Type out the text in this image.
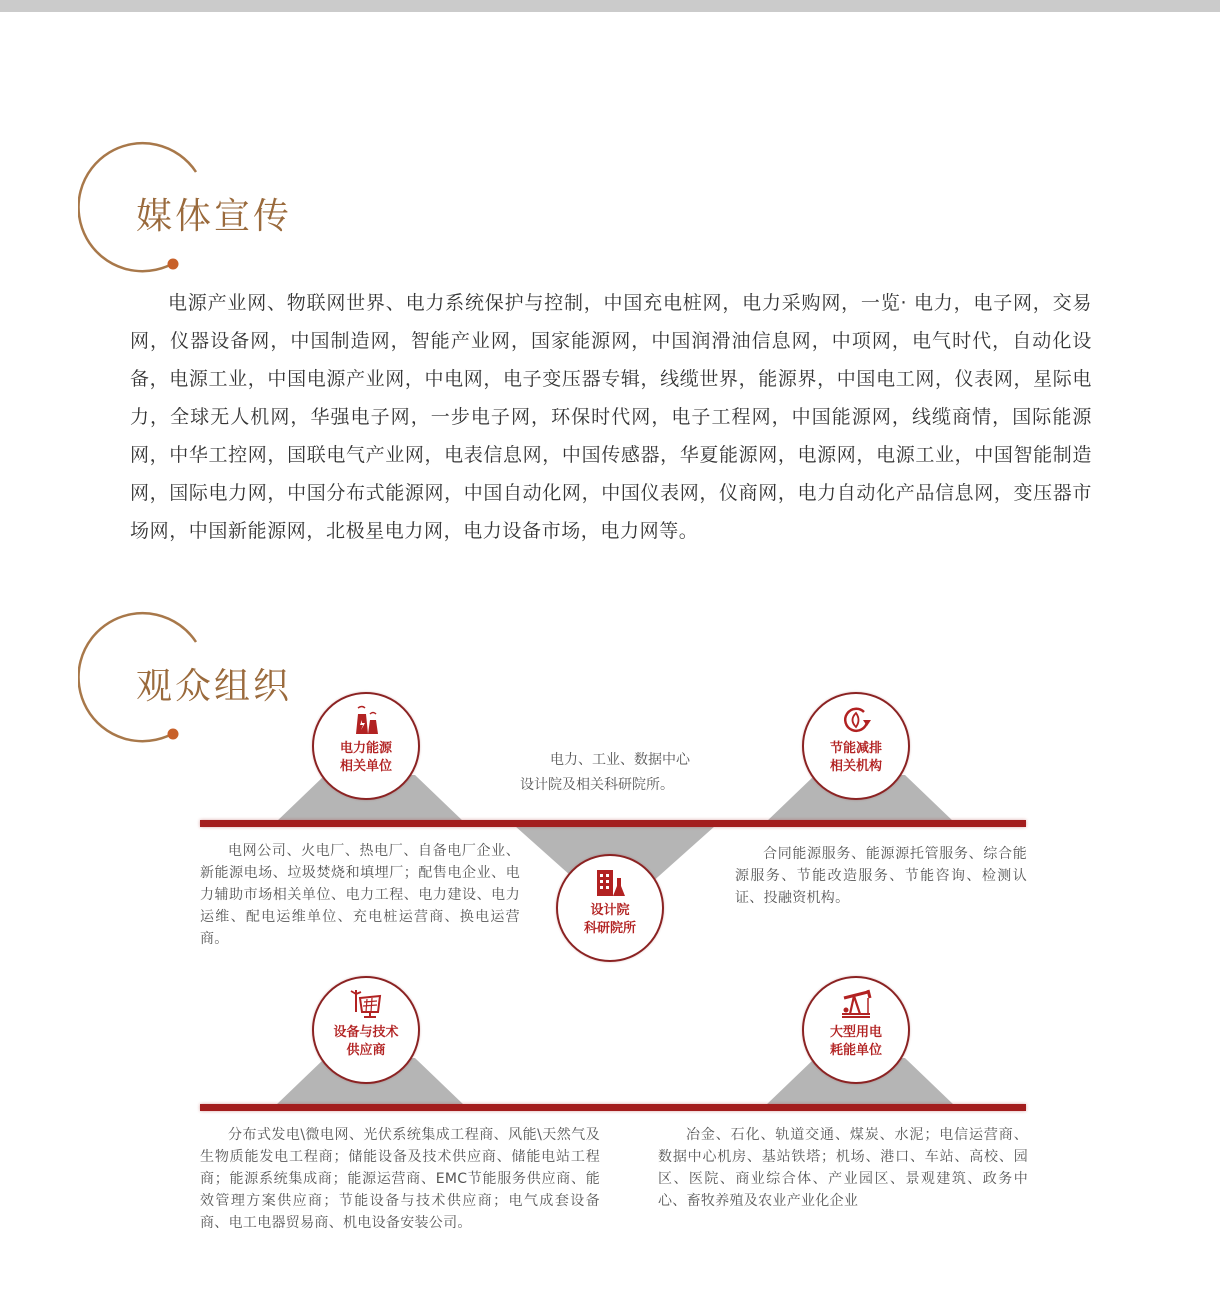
媒体宣传
电源产业网、物联网世界、电力系统保护与控制，中国充电桩网，电力采购网，一览· 电力，电子网，交易网，仪器设备网，中国制造网，智能产业网，国家能源网，中国润滑油信息网，中项网，电气时代，自动化设备，电源工业，中国电源产业网，中电网，电子变压器专辑，线缆世界，能源界，中国电工网，仪表网，星际电力，全球无人机网，华强电子网，一步电子网，环保时代网，电子工程网，中国能源网，线缆商情，国际能源网，中华工控网，国联电气产业网，电表信息网，中国传感器，华夏能源网，电源网，电源工业，中国智能制造网，国际电力网，中国分布式能源网，中国自动化网，中国仪表网，仪商网，电力自动化产品信息网，变压器市场网，中国新能源网，北极星电力网，电力设备市场，电力网等。
观众组织
电力能源
相关单位
节能减排
相关机构
电力、工业、数据中心
设计院及相关科研院所。
设计院
科研院所
电网公司、火电厂、热电厂、自备电厂企业、新能源电场、垃圾焚烧和填埋厂；配售电企业、电力辅助市场相关单位、电力工程、电力建设、电力运维、配电运维单位、充电桩运营商、换电运营商。
合同能源服务、能源源托管服务、综合能源服务、节能改造服务、节能咨询、检测认证、投融资机构。
设备与技术
供应商
大型用电
耗能单位
分布式发电\微电网、光伏系统集成工程商、风能\天然气及生物质能发电工程商；储能设备及技术供应商、储能电站工程商；能源系统集成商；能源运营商、EMC节能服务供应商、能效管理方案供应商；节能设备与技术供应商；电气成套设备商、电工电器贸易商、机电设备安装公司。
冶金、石化、轨道交通、煤炭、水泥；电信运营商、数据中心机房、基站铁塔；机场、港口、车站、高校、园区、医院、商业综合体、产业园区、景观建筑、政务中心、畜牧养殖及农业产业化企业
